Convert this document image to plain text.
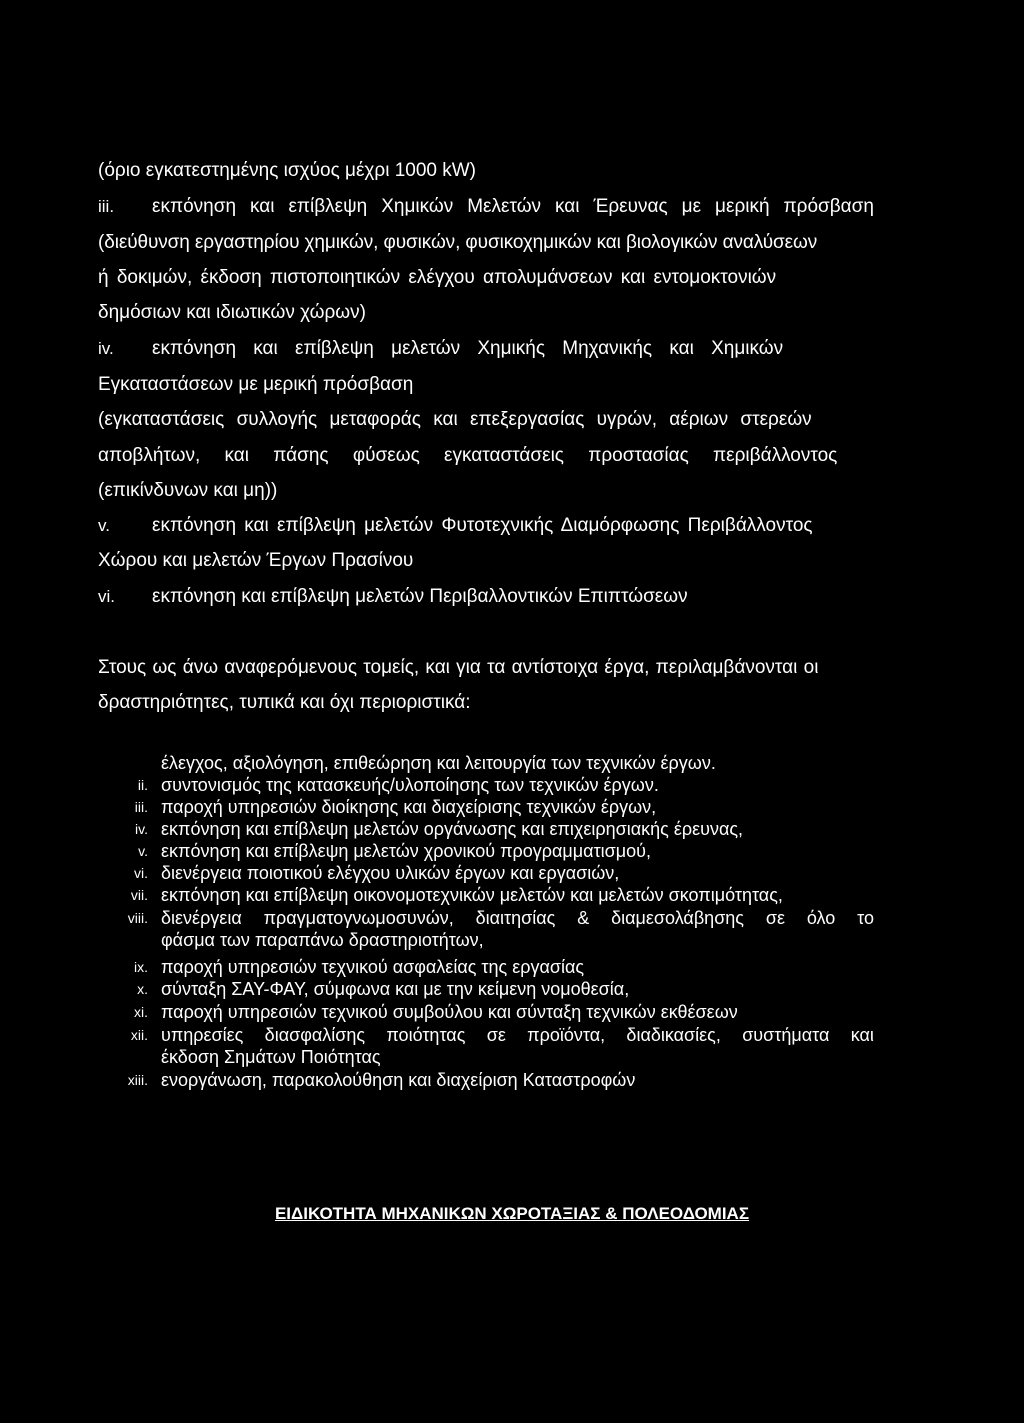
(όριο εγκατεστημένης ισχύος μέχρι 1000 kW)
iii. εκπόνηση και επίβλεψη Χημικών Μελετών και Έρευνας με μερική πρόσβαση
(διεύθυνση εργαστηρίου χημικών, φυσικών, φυσικοχημικών και βιολογικών αναλύσεων
ή δοκιμών, έκδοση πιστοποιητικών ελέγχου απολυμάνσεων και εντομοκτονιών
δημόσιων και ιδιωτικών χώρων)
iv. εκπόνηση και επίβλεψη μελετών Χημικής Μηχανικής και Χημικών
Εγκαταστάσεων με μερική πρόσβαση
(εγκαταστάσεις συλλογής μεταφοράς και επεξεργασίας υγρών, αέριων στερεών
αποβλήτων, και πάσης φύσεως εγκαταστάσεις προστασίας περιβάλλοντος
(επικίνδυνων και μη))
v. εκπόνηση και επίβλεψη μελετών Φυτοτεχνικής Διαμόρφωσης Περιβάλλοντος
Χώρου και μελετών Έργων Πρασίνου
vi. εκπόνηση και επίβλεψη μελετών Περιβαλλοντικών Επιπτώσεων
Στους ως άνω αναφερόμενους τομείς, και για τα αντίστοιχα έργα, περιλαμβάνονται οι
δραστηριότητες, τυπικά και όχι περιοριστικά:
έλεγχος, αξιολόγηση, επιθεώρηση και λειτουργία των τεχνικών έργων.
ii. συντονισμός της κατασκευής/υλοποίησης των τεχνικών έργων.
iii. παροχή υπηρεσιών διοίκησης και διαχείρισης τεχνικών έργων,
iv. εκπόνηση και επίβλεψη μελετών οργάνωσης και επιχειρησιακής έρευνας,
v. εκπόνηση και επίβλεψη μελετών χρονικού προγραμματισμού,
vi. διενέργεια ποιοτικού ελέγχου υλικών έργων και εργασιών,
vii. εκπόνηση και επίβλεψη οικονομοτεχνικών μελετών και μελετών σκοπιμότητας,
viii. διενέργεια πραγματογνωμοσυνών, διαιτησίας & διαμεσολάβησης σε όλο το
φάσμα των παραπάνω δραστηριοτήτων,
ix. παροχή υπηρεσιών τεχνικού ασφαλείας της εργασίας
x. σύνταξη ΣΑΥ-ΦΑΥ, σύμφωνα και με την κείμενη νομοθεσία,
xi. παροχή υπηρεσιών τεχνικού συμβούλου και σύνταξη τεχνικών εκθέσεων
xii. υπηρεσίες διασφαλίσης ποιότητας σε προϊόντα, διαδικασίες, συστήματα και
έκδοση Σημάτων Ποιότητας
xiii. ενοργάνωση, παρακολούθηση και διαχείριση Καταστροφών
ΕΙΔΙΚΟΤΗΤΑ ΜΗΧΑΝΙΚΩΝ ΧΩΡΟΤΑΞΙΑΣ & ΠΟΛΕΟΔΟΜΙΑΣ
